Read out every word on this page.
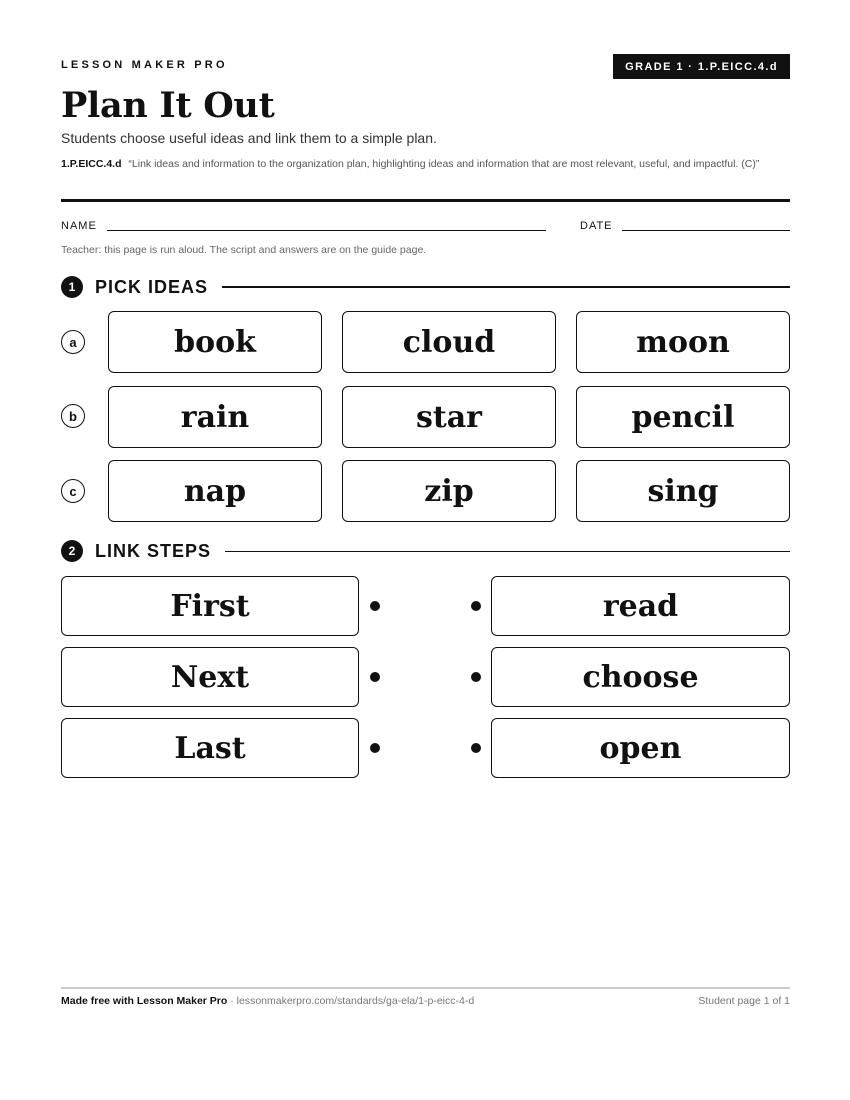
LESSON MAKER PRO	GRADE 1 · 1.P.EICC.4.d
Plan It Out
Students choose useful ideas and link them to a simple plan.
1.P.EICC.4.d “Link ideas and information to the organization plan, highlighting ideas and information that are most relevant, useful, and impactful. (C)”
NAME	DATE
Teacher: this page is run aloud. The script and answers are on the guide page.
1	PICK IDEAS
a	book	cloud	moon
b	rain	star	pencil
c	nap	zip	sing
2	LINK STEPS
First	read
Next	choose
Last	open
Made free with Lesson Maker Pro · lessonmakerpro.com/standards/ga-ela/1-p-eicc-4-d	Student page 1 of 1
